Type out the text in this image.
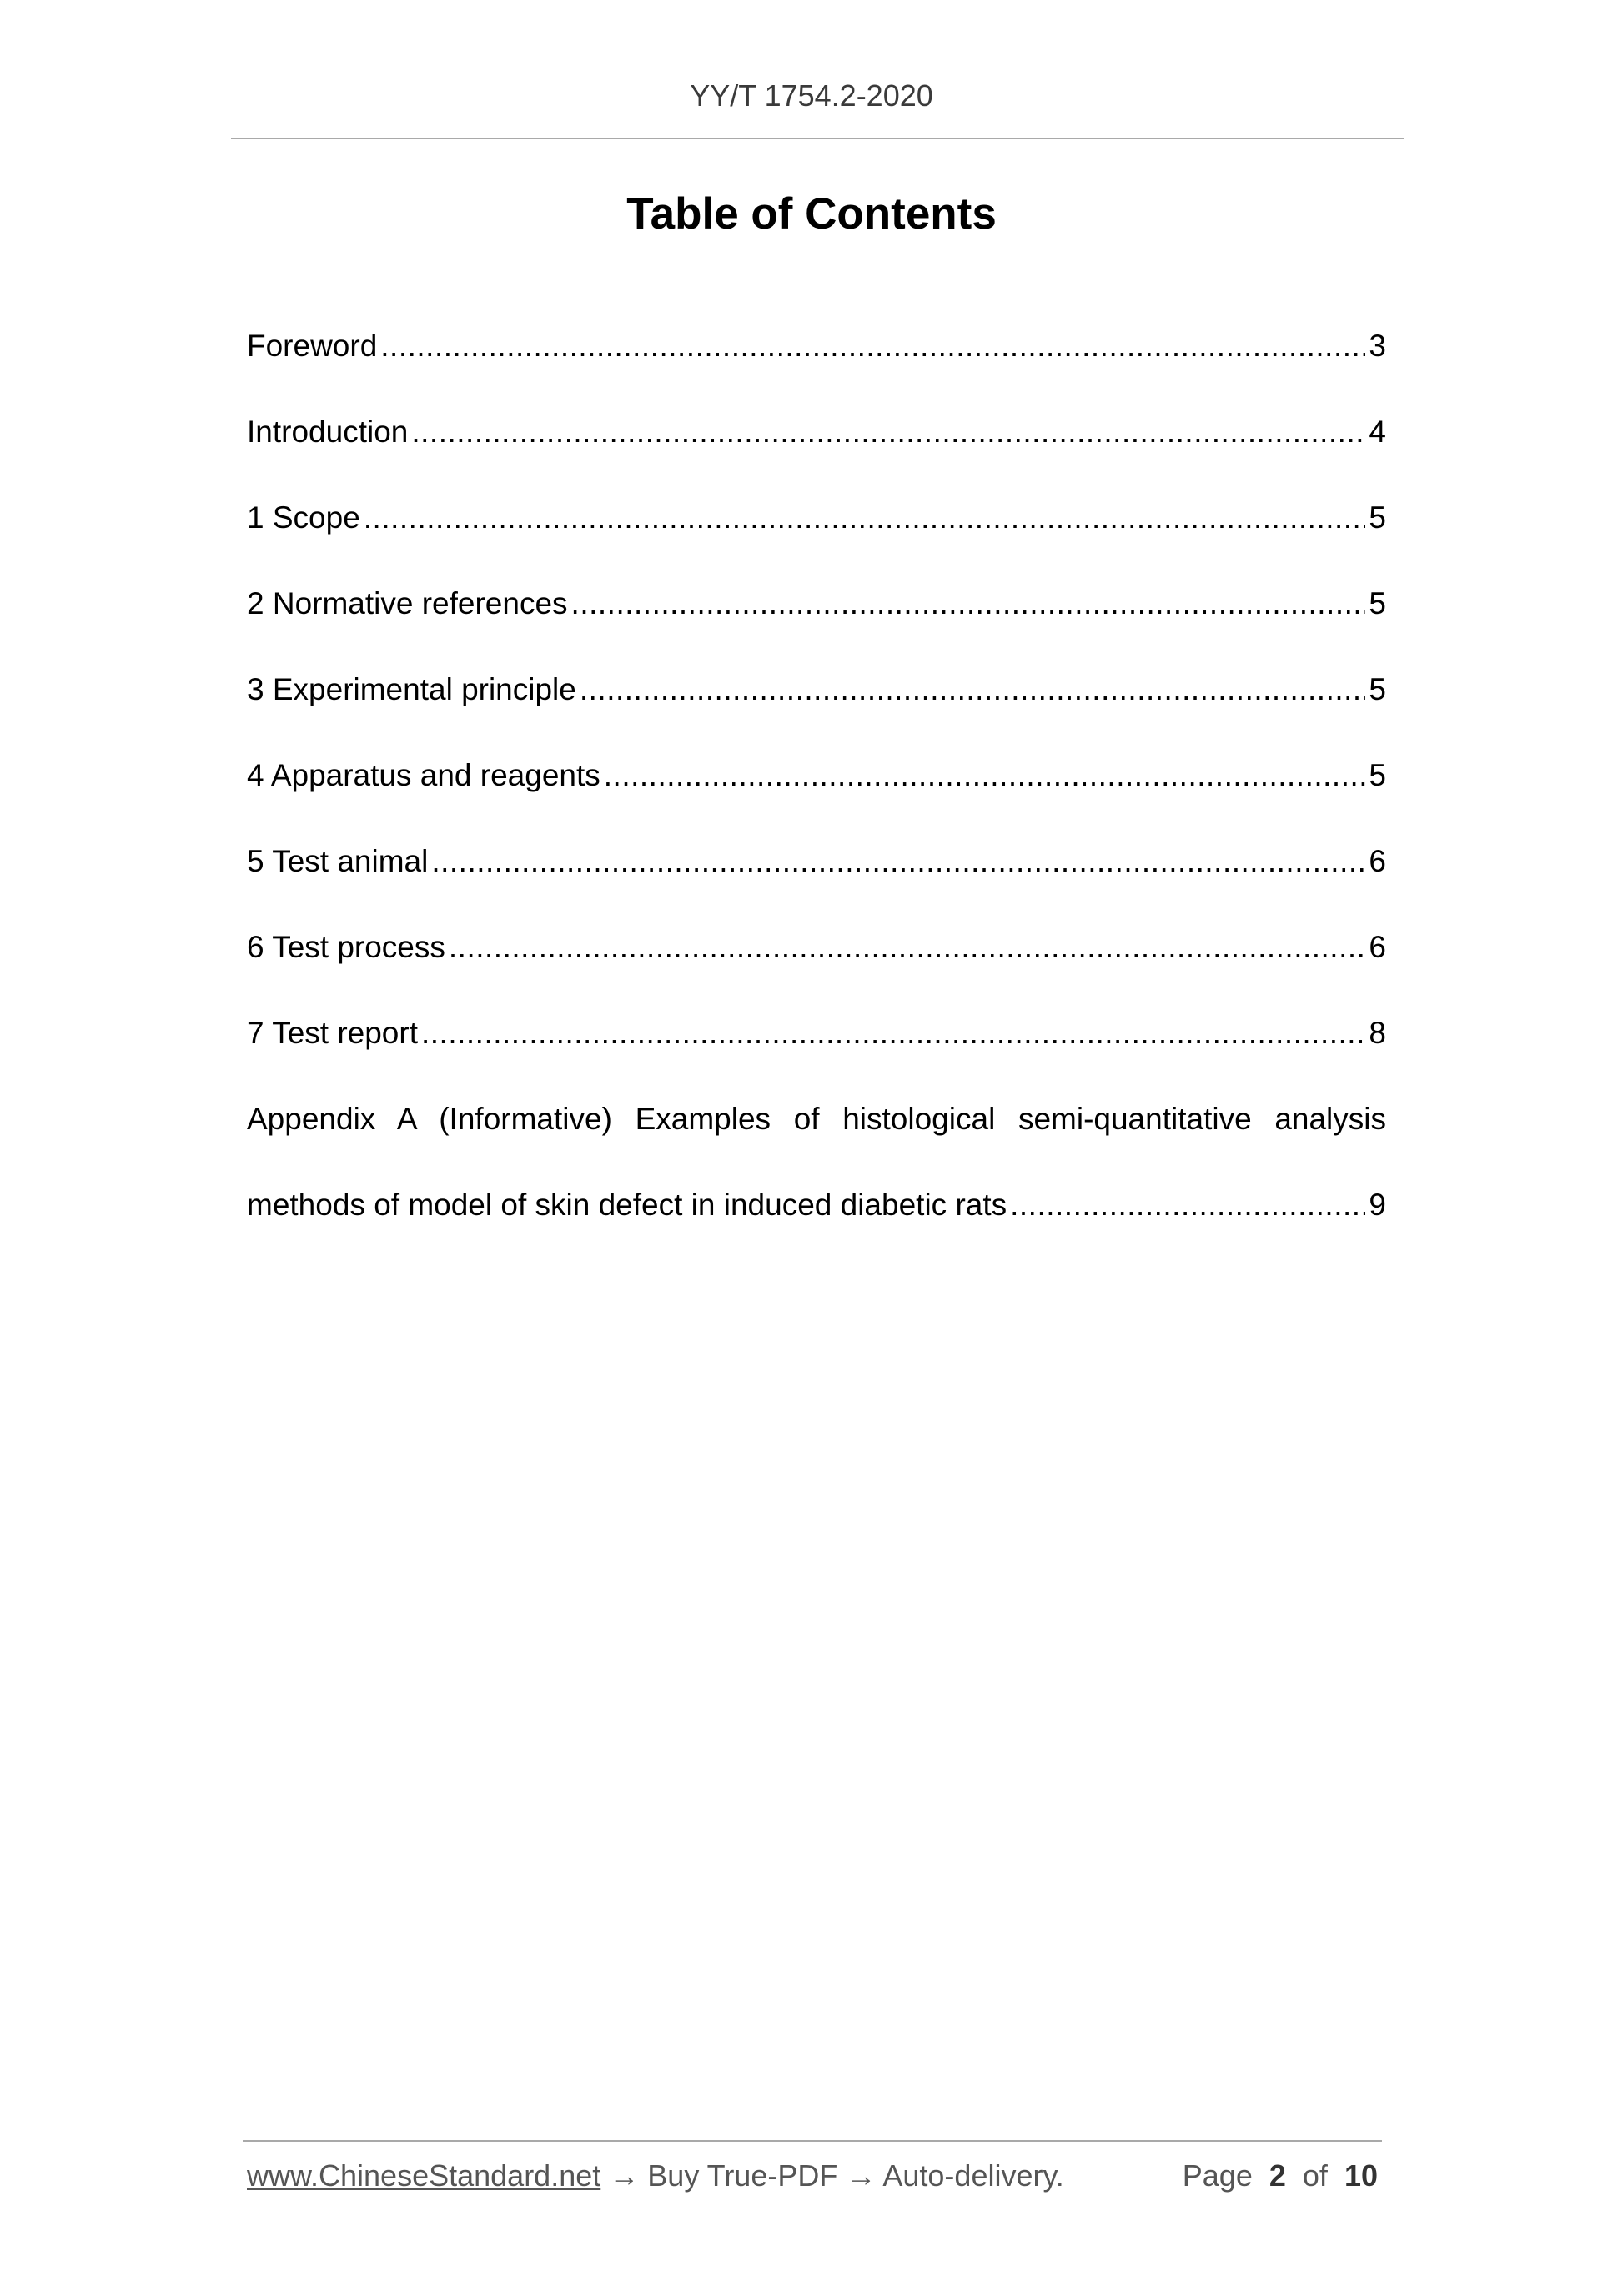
YY/T 1754.2-2020
Table of Contents
Foreword .....	3
Introduction .....	4
1 Scope .....	5
2 Normative references .....	5
3 Experimental principle .....	5
4 Apparatus and reagents .....	5
5 Test animal .....	6
6 Test process .....	6
7 Test report .....	8
Appendix A (Informative) Examples of histological semi-quantitative analysis
methods of model of skin defect in induced diabetic rats .....	9
www.ChineseStandard.net → Buy True-PDF → Auto-delivery.	Page 2 of 10
